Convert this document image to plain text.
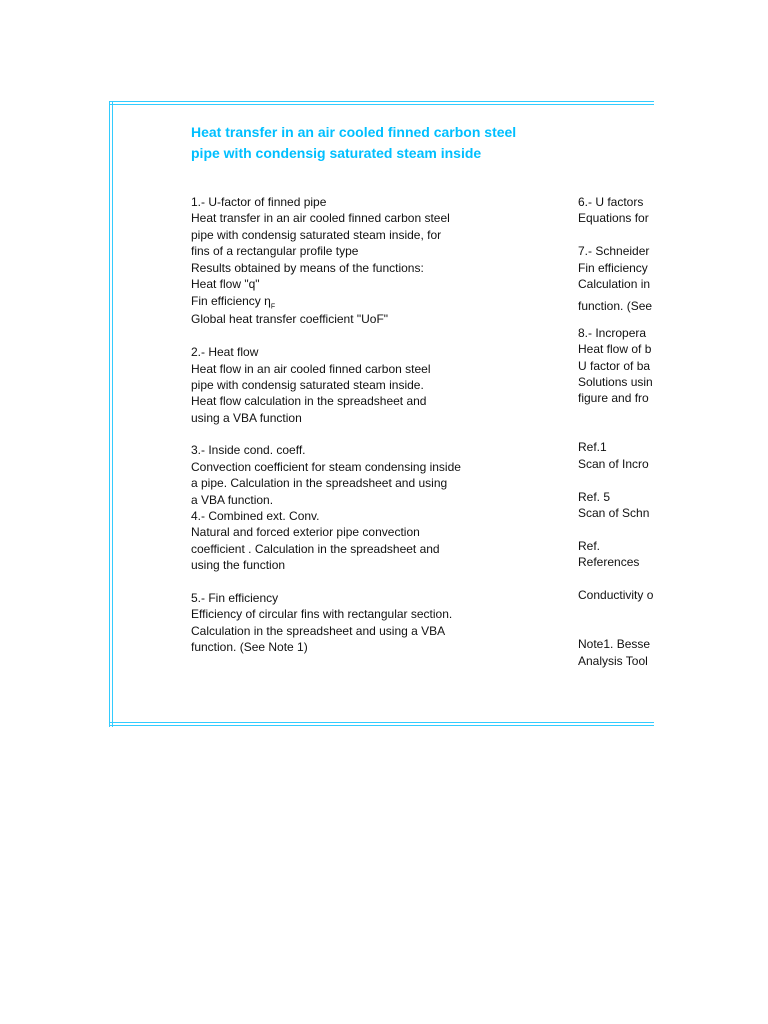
Heat transfer in an air cooled finned carbon steel
pipe with condensig saturated steam inside
1.- U-factor of finned pipe
Heat transfer in an air cooled finned carbon steel
pipe with condensig saturated steam inside, for
fins of a rectangular profile type
Results obtained by means of the functions:
Heat flow "q"
Fin efficiency $\eta_F$
Global heat transfer coefficient "UoF"
2.- Heat flow
Heat flow in an air cooled finned carbon steel
pipe with condensig saturated steam inside.
Heat flow calculation in the spreadsheet and
using a VBA function
3.- Inside cond. coeff.
Convection coefficient for steam condensing inside
a pipe. Calculation in the spreadsheet and using
a VBA function.
4.- Combined ext. Conv.
Natural and forced exterior pipe convection
coefficient . Calculation in the spreadsheet and
using the function
5.- Fin efficiency
Efficiency of circular fins with rectangular section.
Calculation in the spreadsheet and using a VBA
function. (See Note 1)
6.- U factors
Equations for
7.- Schneider
Fin efficiency
Calculation in
function. (See
8.- Incropera
Heat flow of b
U factor of ba
Solutions usin
figure and fro
Ref.1
Scan of Incro
Ref. 5
Scan of Schn
Ref.
References
Conductivity o
Note1. Besse
Analysis Tool
